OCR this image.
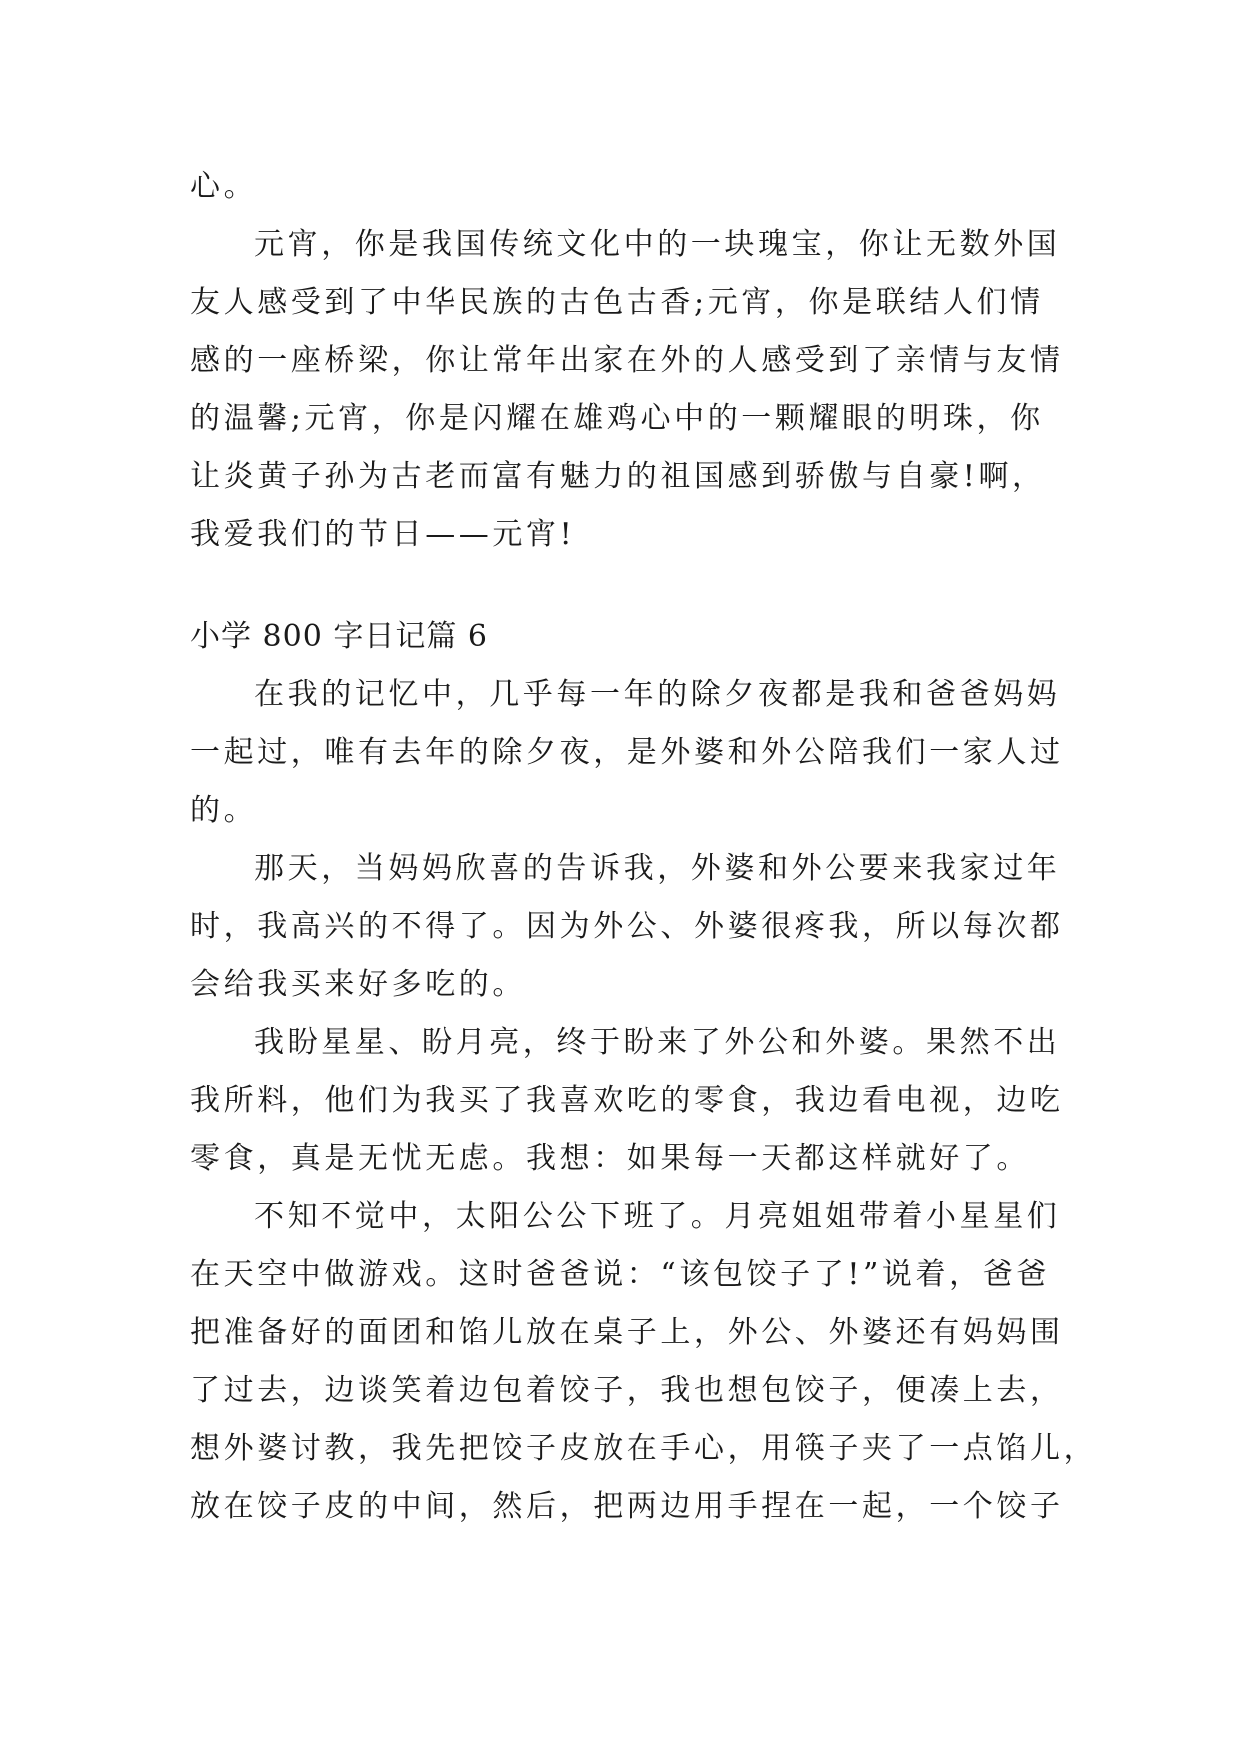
心。

元宵，你是我国传统文化中的一块瑰宝，你让无数外国
友人感受到了中华民族的古色古香;元宵，你是联结人们情
感的一座桥梁，你让常年出家在外的人感受到了亲情与友情
的温馨;元宵，你是闪耀在雄鸡心中的一颗耀眼的明珠，你
让炎黄子孙为古老而富有魅力的祖国感到骄傲与自豪!啊，
我爱我们的节日——元宵!

小学 800 字日记篇 6

在我的记忆中，几乎每一年的除夕夜都是我和爸爸妈妈
一起过，唯有去年的除夕夜，是外婆和外公陪我们一家人过
的。

那天，当妈妈欣喜的告诉我，外婆和外公要来我家过年
时，我高兴的不得了。因为外公、外婆很疼我，所以每次都
会给我买来好多吃的。

我盼星星、盼月亮，终于盼来了外公和外婆。果然不出
我所料，他们为我买了我喜欢吃的零食，我边看电视，边吃
零食，真是无忧无虑。我想：如果每一天都这样就好了。

不知不觉中，太阳公公下班了。月亮姐姐带着小星星们
在天空中做游戏。这时爸爸说：“该包饺子了!”说着，爸爸
把准备好的面团和馅儿放在桌子上，外公、外婆还有妈妈围
了过去，边谈笑着边包着饺子，我也想包饺子，便凑上去，
想外婆讨教，我先把饺子皮放在手心，用筷子夹了一点馅儿，
放在饺子皮的中间，然后，把两边用手捏在一起，一个饺子
